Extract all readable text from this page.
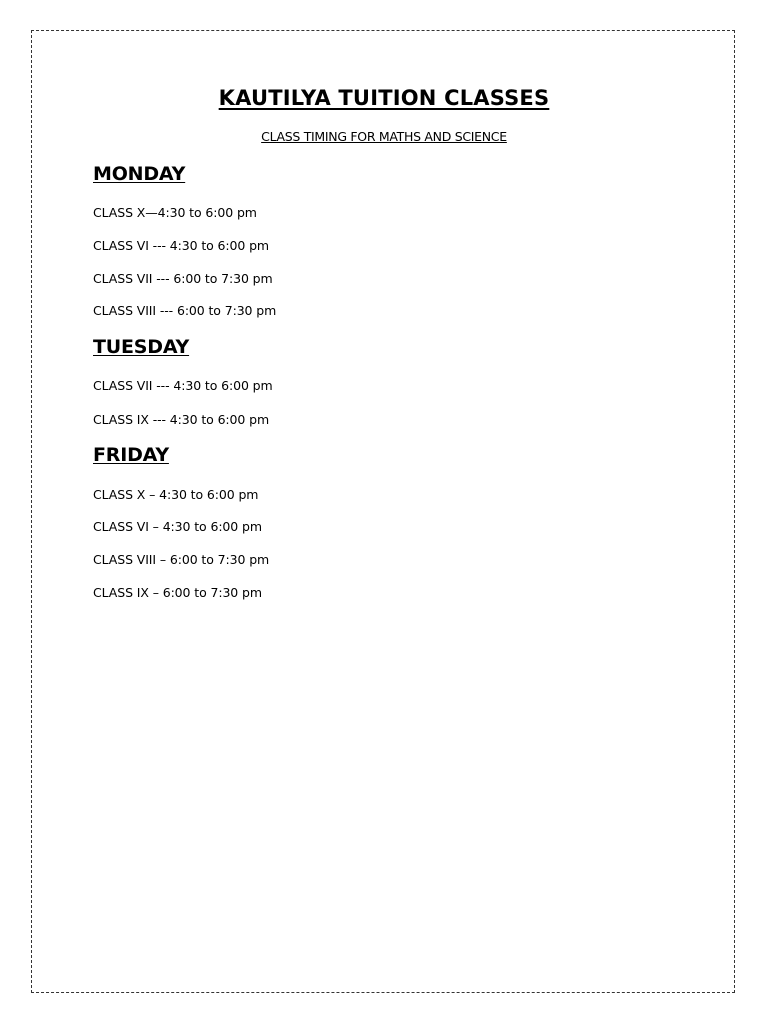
KAUTILYA TUITION CLASSES

CLASS TIMING FOR MATHS AND SCIENCE

MONDAY

CLASS X—4:30 to 6:00 pm

CLASS VI --- 4:30 to 6:00 pm

CLASS VII --- 6:00 to 7:30 pm

CLASS VIII --- 6:00 to 7:30 pm

TUESDAY

CLASS VII --- 4:30 to 6:00 pm

CLASS IX --- 4:30 to 6:00 pm

FRIDAY

CLASS X – 4:30 to 6:00 pm

CLASS VI – 4:30 to 6:00 pm

CLASS VIII – 6:00 to 7:30 pm

CLASS IX – 6:00 to 7:30 pm
